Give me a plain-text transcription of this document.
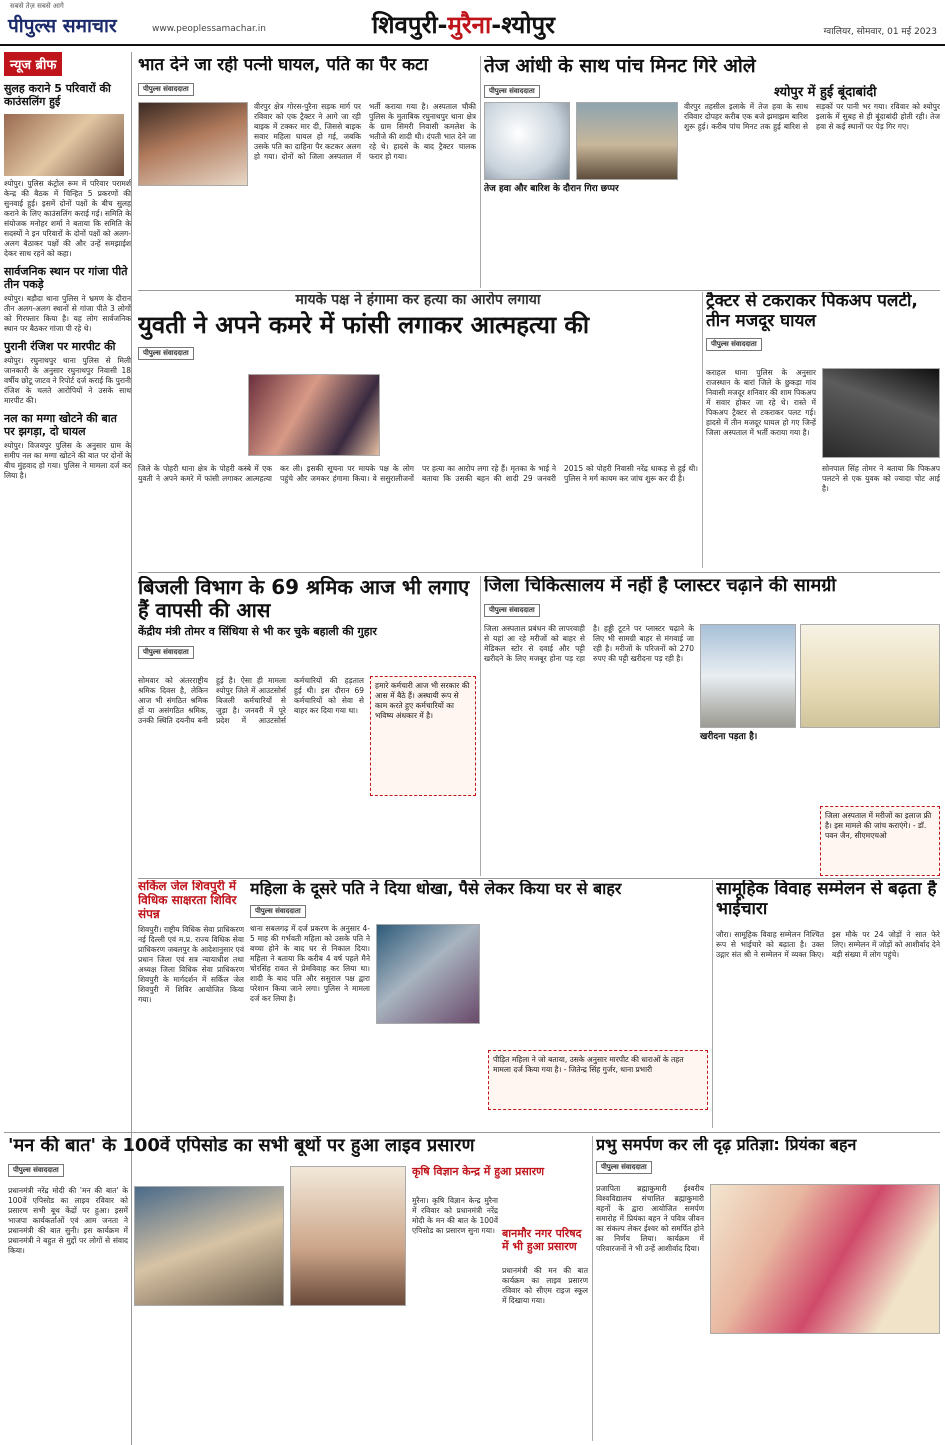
सबसे तेज़ सबसे आगे
पीपुल्स समाचार	www.peoplessamachar.in	शिवपुरी-मुरैना-श्योपुर	ग्वालियर, सोमवार, 01 मई 2023
न्यूज ब्रीफ
सुलह कराने 5 परिवारों की काउंसलिंग हुई
श्योपुर। पुलिस कंट्रोल रूम में परिवार परामर्श केन्द्र की बैठक में चिन्हित 5 प्रकरणों की सुनवाई हुई। इसमें दोनों पक्षों के बीच सुलह कराने के लिए काउंसलिंग कराई गई। समिति के संयोजक मनोहर शर्मा ने बताया कि समिति के सदस्यों ने इन परिवारों के दोनों पक्षों को अलग-अलग बैठाकर पक्षों की और उन्हें समझाईश देकर साथ रहने को कहा।
सार्वजनिक स्थान पर गांजा पीते तीन पकड़े
श्योपुर। बड़ौदा थाना पुलिस ने भ्रमण के दौरान तीन अलग-अलग स्थानों से गांजा पीते 3 लोगों को गिरफ्तार किया है। यह लोग सार्वजनिक स्थान पर बैठकर गांजा पी रहे थे।
पुरानी रंजिश पर मारपीट की
श्योपुर। रघुनाथपुर थाना पुलिस से मिली जानकारी के अनुसार रघुनाथपुर निवासी 18 वर्षीय छोटू जाटव ने रिपोर्ट दर्ज कराई कि पुरानी रंजिश के चलते आरोपियों ने उसके साथ मारपीट की।
नल का मग्गा खोटने की बात पर झगड़ा, दो घायल
श्योपुर। विजयपुर पुलिस के अनुसार ग्राम के समीप नल का मग्गा खोटने की बात पर दोनों के बीच मुंहवाद हो गया। पुलिस ने मामला दर्ज कर लिया है।
भात देने जा रही पत्नी घायल, पति का पैर कटा
पीपुल्स संवाददाता
वीरपुर क्षेत्र गोरस-पुरैना सड़क मार्ग पर रविवार को एक ट्रैक्टर ने आगे जा रही बाइक में टक्कर मार दी, जिससे बाइक सवार महिला घायल हो गई, जबकि उसके पति का दाहिना पैर कटकर अलग हो गया। दोनों को जिला अस्पताल में भर्ती कराया गया है। अस्पताल चौकी पुलिस के मुताबिक रघुनाथपुर थाना क्षेत्र के ग्राम सिमरी निवासी कमलेश के भतीजे की शादी थी। दंपती भात देने जा रहे थे। हादसे के बाद ट्रैक्टर चालक फरार हो गया।
तेज आंधी के साथ पांच मिनट गिरे ओले
श्योपुर में हुई बूंदाबांदी
पीपुल्स संवाददाता
तेज हवा और बारिश के दौरान गिरा छप्पर
वीरपुर तहसील इलाके में तेज हवा के साथ रविवार दोपहर करीब एक बजे झमाझम बारिश शुरू हुई। करीब पांच मिनट तक हुई बारिश से सड़कों पर पानी भर गया। रविवार को श्योपुर इलाके में सुबह से ही बूंदाबांदी होती रही। तेज हवा से कई स्थानों पर पेड़ गिर गए।
मायके पक्ष ने हंगामा कर हत्या का आरोप लगाया
युवती ने अपने कमरे में फांसी लगाकर आत्महत्या की
पीपुल्स संवाददाता
जिले के पोहरी थाना क्षेत्र के पोहरी कस्बे में एक युवती ने अपने कमरे में फांसी लगाकर आत्महत्या कर ली। इसकी सूचना पर मायके पक्ष के लोग पहुंचे और जमकर हंगामा किया। वे ससुरालीजनों पर हत्या का आरोप लगा रहे हैं। मृतका के भाई ने बताया कि उसकी बहन की शादी 29 जनवरी 2015 को पोहरी निवासी नरेंद्र धाकड़ से हुई थी। पुलिस ने मर्ग कायम कर जांच शुरू कर दी है।
ट्रैक्टर से टकराकर पिकअप पलटी, तीन मजदूर घायल
पीपुल्स संवाददाता
कराहल थाना पुलिस के अनुसार राजस्थान के बारां जिले के छुकड़ा गांव निवासी मजदूर शनिवार की शाम पिकअप में सवार होकर जा रहे थे। रास्ते में पिकअप ट्रैक्टर से टकराकर पलट गई। हादसे में तीन मजदूर घायल हो गए जिन्हें जिला अस्पताल में भर्ती कराया गया है।
सोनपाल सिंह तोमर ने बताया कि पिकअप पलटने से एक युवक को ज्यादा चोट आई है।
बिजली विभाग के 69 श्रमिक आज भी लगाए हैं वापसी की आस
केंद्रीय मंत्री तोमर व सिंधिया से भी कर चुके बहाली की गुहार
पीपुल्स संवाददाता
सोमवार को अंतरराष्ट्रीय श्रमिक दिवस है, लेकिन आज भी संगठित श्रमिक हों या असंगठित श्रमिक, उनकी स्थिति दयनीय बनी हुई है। ऐसा ही मामला श्योपुर जिले में आउटसोर्स बिजली कर्मचारियों से जुड़ा है। जनवरी में पूरे प्रदेश में आउटसोर्स कर्मचारियों की हड़ताल हुई थी। इस दौरान 69 कर्मचारियों को सेवा से बाहर कर दिया गया था।
हमारे कर्मचारी आज भी सरकार की आस में बैठे हैं। अस्थायी रूप से काम करते हुए कर्मचारियों का भविष्य अंधकार में है।
जिला चिकित्सालय में नहीं है प्लास्टर चढ़ाने की सामग्री
पीपुल्स संवाददाता
जिला अस्पताल प्रबंधन की लापरवाही से यहां आ रहे मरीजों को बाहर से मेडिकल स्टोर से दवाई और पट्टी खरीदने के लिए मजबूर होना पड़ रहा है। हड्डी टूटने पर प्लास्टर चढ़ाने के लिए भी सामग्री बाहर से मंगवाई जा रही है। मरीजों के परिजनों को 270 रुपए की पट्टी खरीदना पड़ रही है।
खरीदना पड़ता है।
जिला अस्पताल में मरीजों का इलाज फ्री है। इस मामले की जांच कराएंगे। - डॉ. पवन जैन, सीएमएचओ
सर्किल जेल शिवपुरी में विधिक साक्षरता शिविर संपन्न
शिवपुरी। राष्ट्रीय विधिक सेवा प्राधिकरण नई दिल्ली एवं म.प्र. राज्य विधिक सेवा प्राधिकरण जबलपुर के आदेशानुसार एवं प्रधान जिला एवं सत्र न्यायाधीश तथा अध्यक्ष जिला विधिक सेवा प्राधिकरण शिवपुरी के मार्गदर्शन में सर्किल जेल शिवपुरी में शिविर आयोजित किया गया।
महिला के दूसरे पति ने दिया धोखा, पैसे लेकर किया घर से बाहर
पीपुल्स संवाददाता
थाना सबलगढ़ में दर्ज प्रकरण के अनुसार 4-5 माह की गर्भवती महिला को उसके पति ने बच्चा होने के बाद घर से निकाल दिया। महिला ने बताया कि करीब 4 वर्ष पहले मैने चोरसिंह रावत से प्रेमविवाह कर लिया था। शादी के बाद पति और ससुराल पक्ष द्वारा परेशान किया जाने लगा। पुलिस ने मामला दर्ज कर लिया है।
पीड़ित महिला ने जो बताया, उसके अनुसार मारपीट की धाराओं के तहत मामला दर्ज किया गया है। - जितेन्द्र सिंह गुर्जर, थाना प्रभारी
सामूहिक विवाह सम्मेलन से बढ़ता है भाईचारा
जौरा। सामूहिक विवाह सम्मेलन निश्चित रूप से भाईचारे को बढ़ाता है। उक्त उद्गार संत श्री ने सम्मेलन में व्यक्त किए। इस मौके पर 24 जोड़ों ने सात फेरे लिए। सम्मेलन में जोड़ों को आशीर्वाद देने बड़ी संख्या में लोग पहुंचे।
'मन की बात' के 100वें एपिसोड का सभी बूथों पर हुआ लाइव प्रसारण
पीपुल्स संवाददाता
प्रधानमंत्री नरेंद्र मोदी की 'मन की बात' के 100वें एपिसोड का लाइव रविवार को प्रसारण सभी बूथ केंद्रों पर हुआ। इसमें भाजपा कार्यकर्ताओं एवं आम जनता ने प्रधानमंत्री की बात सुनी। इस कार्यक्रम में प्रधानमंत्री ने बहुत से मुद्दों पर लोगों से संवाद किया।
कृषि विज्ञान केन्द्र में हुआ प्रसारण
मुरैना। कृषि विज्ञान केन्द्र मुरैना में रविवार को प्रधानमंत्री नरेंद्र मोदी के मन की बात के 100वें एपिसोड का प्रसारण सुना गया। बानमौर नगर परिषद में भी हुआ प्रसारण
प्रधानमंत्री की मन की बात कार्यक्रम का लाइव प्रसारण रविवार को सीएम राइज स्कूल में दिखाया गया।
प्रभु समर्पण कर ली दृढ़ प्रतिज्ञा: प्रियंका बहन
पीपुल्स संवाददाता
प्रजापिता ब्रह्माकुमारी ईश्वरीय विश्वविद्यालय संचालित ब्रह्माकुमारी बहनों के द्वारा आयोजित समर्पण समारोह में प्रियंका बहन ने पवित्र जीवन का संकल्प लेकर ईश्वर को समर्पित होने का निर्णय लिया। कार्यक्रम में परिवारजनों ने भी उन्हें आशीर्वाद दिया।
